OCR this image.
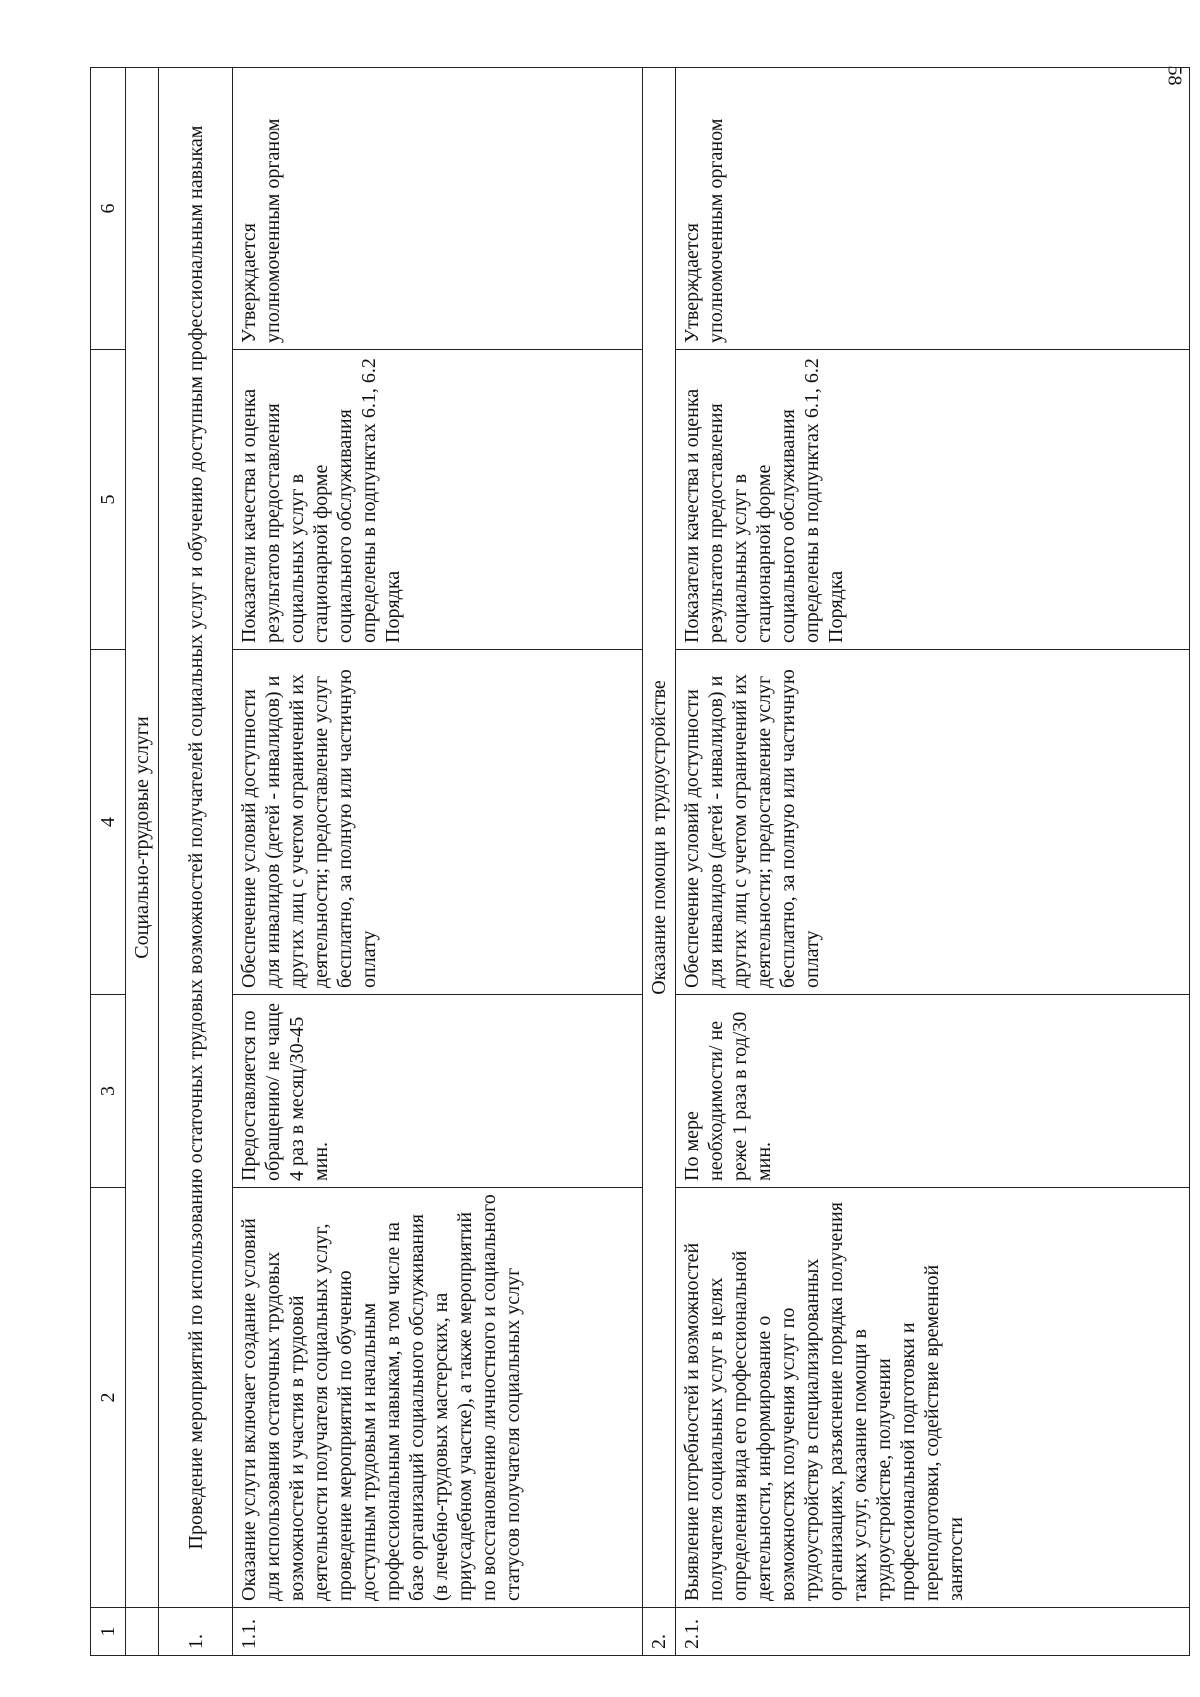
58
1	2	3	4	5	6
	Социально-трудовые услуги				
1.	Проведение мероприятий по использованию остаточных трудовых возможностей получателей социальных услуг и обучению доступным профессиональным навыкам				
1.1.	Оказание услуги включает создание условий для использования остаточных трудовых возможностей и участия в трудовой деятельности получателя социальных услуг, проведение мероприятий по обучению доступным трудовым и начальным профессиональным навыкам, в том числе на базе организаций социального обслуживания (в лечебно-трудовых мастерских, на приусадебном участке), а также мероприятий по восстановлению личностного и социального статусов получателя социальных услуг	Предоставляется по обращению/ не чаще 4 раз в месяц/30-45 мин.	Обеспечение условий доступности для инвалидов (детей - инвалидов) и других лиц с учетом ограничений их деятельности; предоставление услуг бесплатно, за полную или частичную оплату	Показатели качества и оценка результатов предоставления социальных услуг в стационарной форме социального обслуживания определены в подпунктах 6.1, 6.2 Порядка	Утверждается уполномоченным органом
2.	Оказание помощи в трудоустройстве				
2.1.	Выявление потребностей и возможностей получателя социальных услуг в целях определения вида его профессиональной деятельности, информирование о возможностях получения услуг по трудоустройству в специализированных организациях, разъяснение порядка получения таких услуг, оказание помощи в трудоустройстве, получении профессиональной подготовки и переподготовки, содействие временной занятости	По мере необходимости/ не реже 1 раза в год/30 мин.	Обеспечение условий доступности для инвалидов (детей - инвалидов) и других лиц с учетом ограничений их деятельности; предоставление услуг бесплатно, за полную или частичную оплату	Показатели качества и оценка результатов предоставления социальных услуг в стационарной форме социального обслуживания определены в подпунктах 6.1, 6.2 Порядка	Утверждается уполномоченным органом
